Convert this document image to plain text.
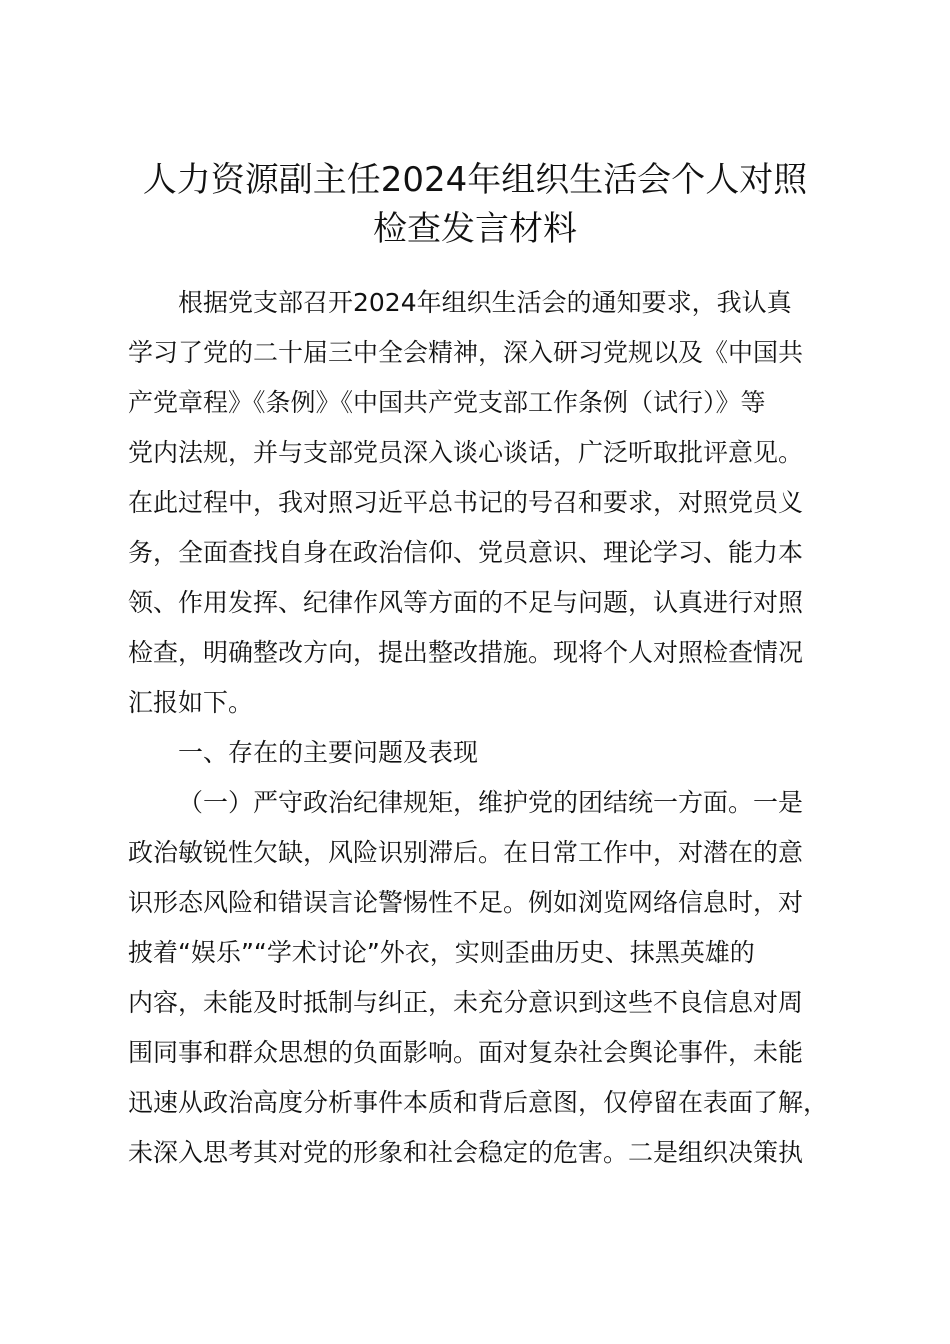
人力资源副主任2024年组织生活会个人对照
检查发言材料
根据党支部召开2024年组织生活会的通知要求，我认真
学习了党的二十届三中全会精神，深入研习党规以及《中国共
产党章程》《条例》《中国共产党支部工作条例（试行）》等
党内法规，并与支部党员深入谈心谈话，广泛听取批评意见。
在此过程中，我对照习近平总书记的号召和要求，对照党员义
务，全面查找自身在政治信仰、党员意识、理论学习、能力本
领、作用发挥、纪律作风等方面的不足与问题，认真进行对照
检查，明确整改方向，提出整改措施。现将个人对照检查情况
汇报如下。
一、存在的主要问题及表现
（一）严守政治纪律规矩，维护党的团结统一方面。一是
政治敏锐性欠缺，风险识别滞后。在日常工作中，对潜在的意
识形态风险和错误言论警惕性不足。例如浏览网络信息时，对
披着“娱乐”“学术讨论”外衣，实则歪曲历史、抹黑英雄的
内容，未能及时抵制与纠正，未充分意识到这些不良信息对周
围同事和群众思想的负面影响。面对复杂社会舆论事件，未能
迅速从政治高度分析事件本质和背后意图，仅停留在表面了解，
未深入思考其对党的形象和社会稳定的危害。二是组织决策执
